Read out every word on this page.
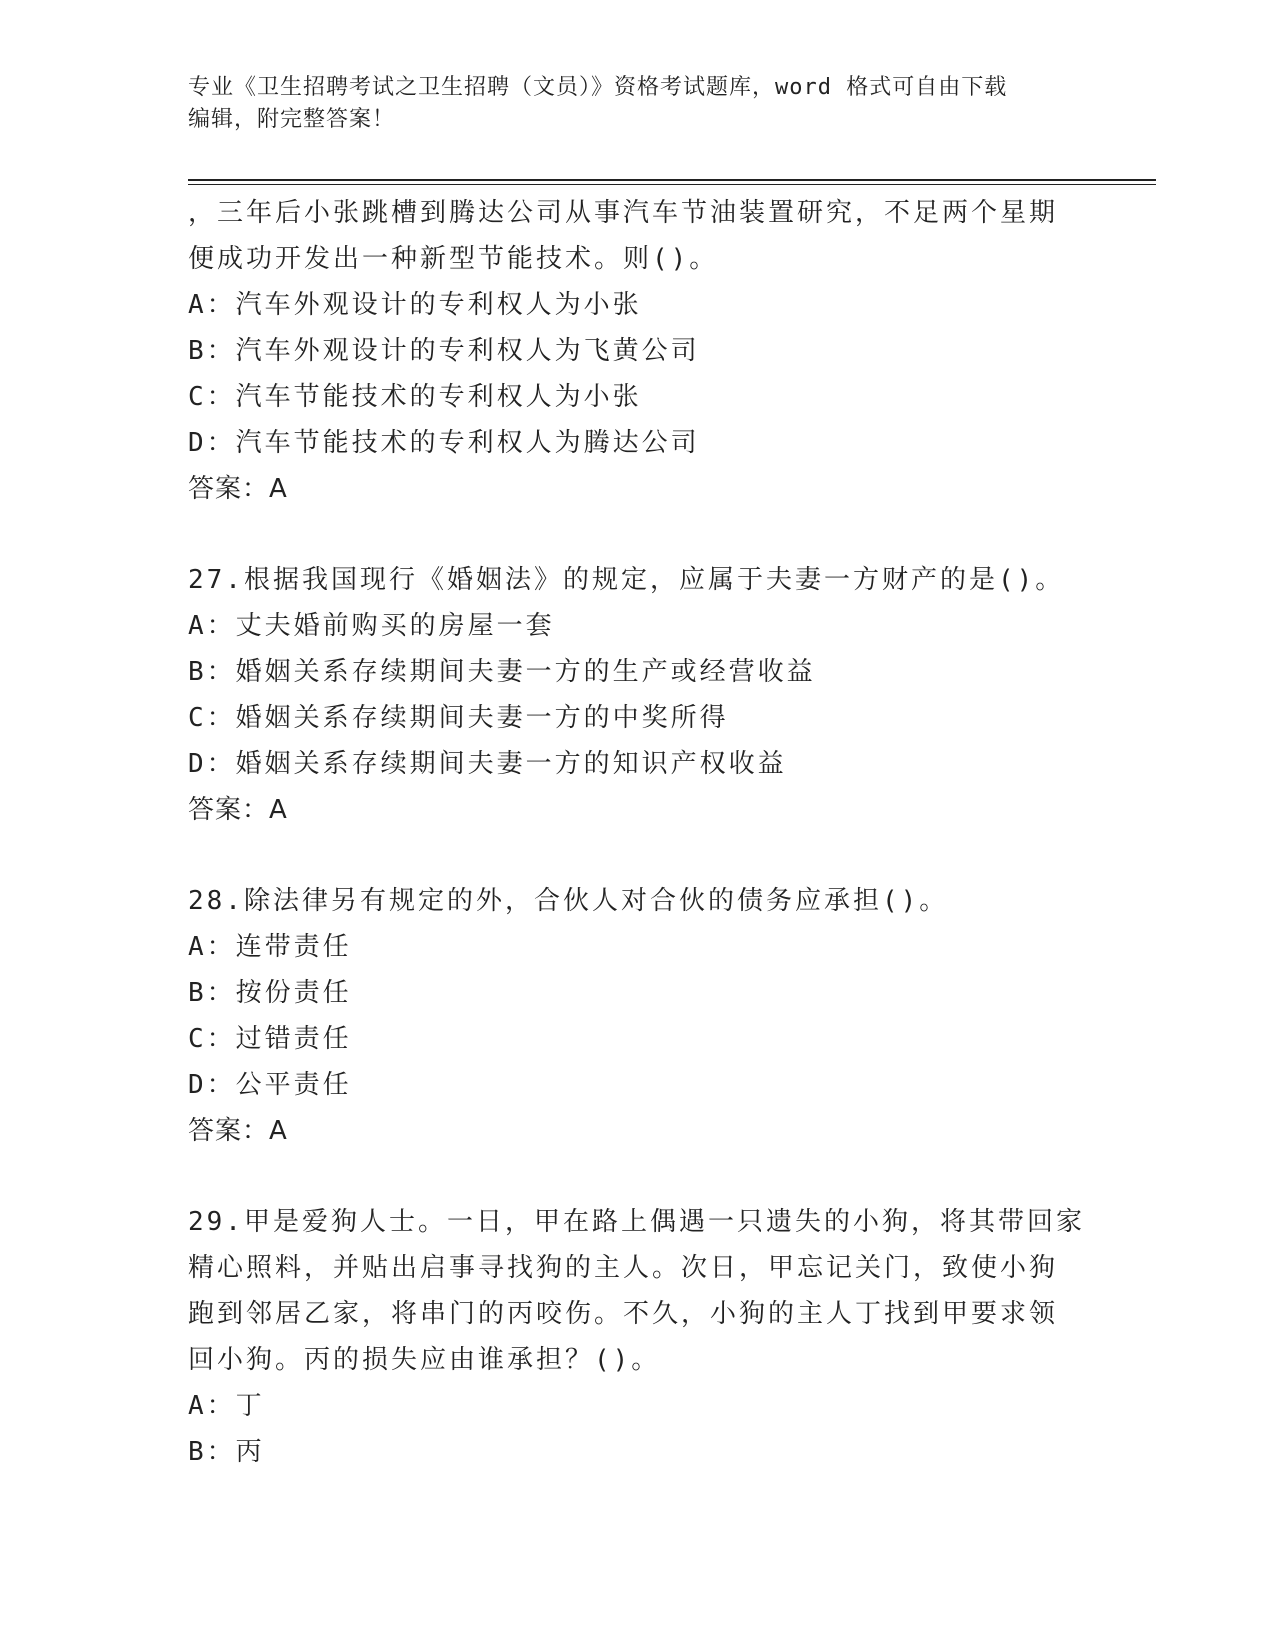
专业《卫生招聘考试之卫生招聘（文员）》资格考试题库，word 格式可自由下载
编辑，附完整答案！
，三年后小张跳槽到腾达公司从事汽车节油装置研究，不足两个星期
便成功开发出一种新型节能技术。则()。
A：汽车外观设计的专利权人为小张
B：汽车外观设计的专利权人为飞黄公司
C：汽车节能技术的专利权人为小张
D：汽车节能技术的专利权人为腾达公司
答案：A
27.根据我国现行《婚姻法》的规定，应属于夫妻一方财产的是()。
A：丈夫婚前购买的房屋一套
B：婚姻关系存续期间夫妻一方的生产或经营收益
C：婚姻关系存续期间夫妻一方的中奖所得
D：婚姻关系存续期间夫妻一方的知识产权收益
答案：A
28.除法律另有规定的外，合伙人对合伙的债务应承担()。
A：连带责任
B：按份责任
C：过错责任
D：公平责任
答案：A
29.甲是爱狗人士。一日，甲在路上偶遇一只遗失的小狗，将其带回家
精心照料，并贴出启事寻找狗的主人。次日，甲忘记关门，致使小狗
跑到邻居乙家，将串门的丙咬伤。不久，小狗的主人丁找到甲要求领
回小狗。丙的损失应由谁承担？()。
A：丁
B：丙
